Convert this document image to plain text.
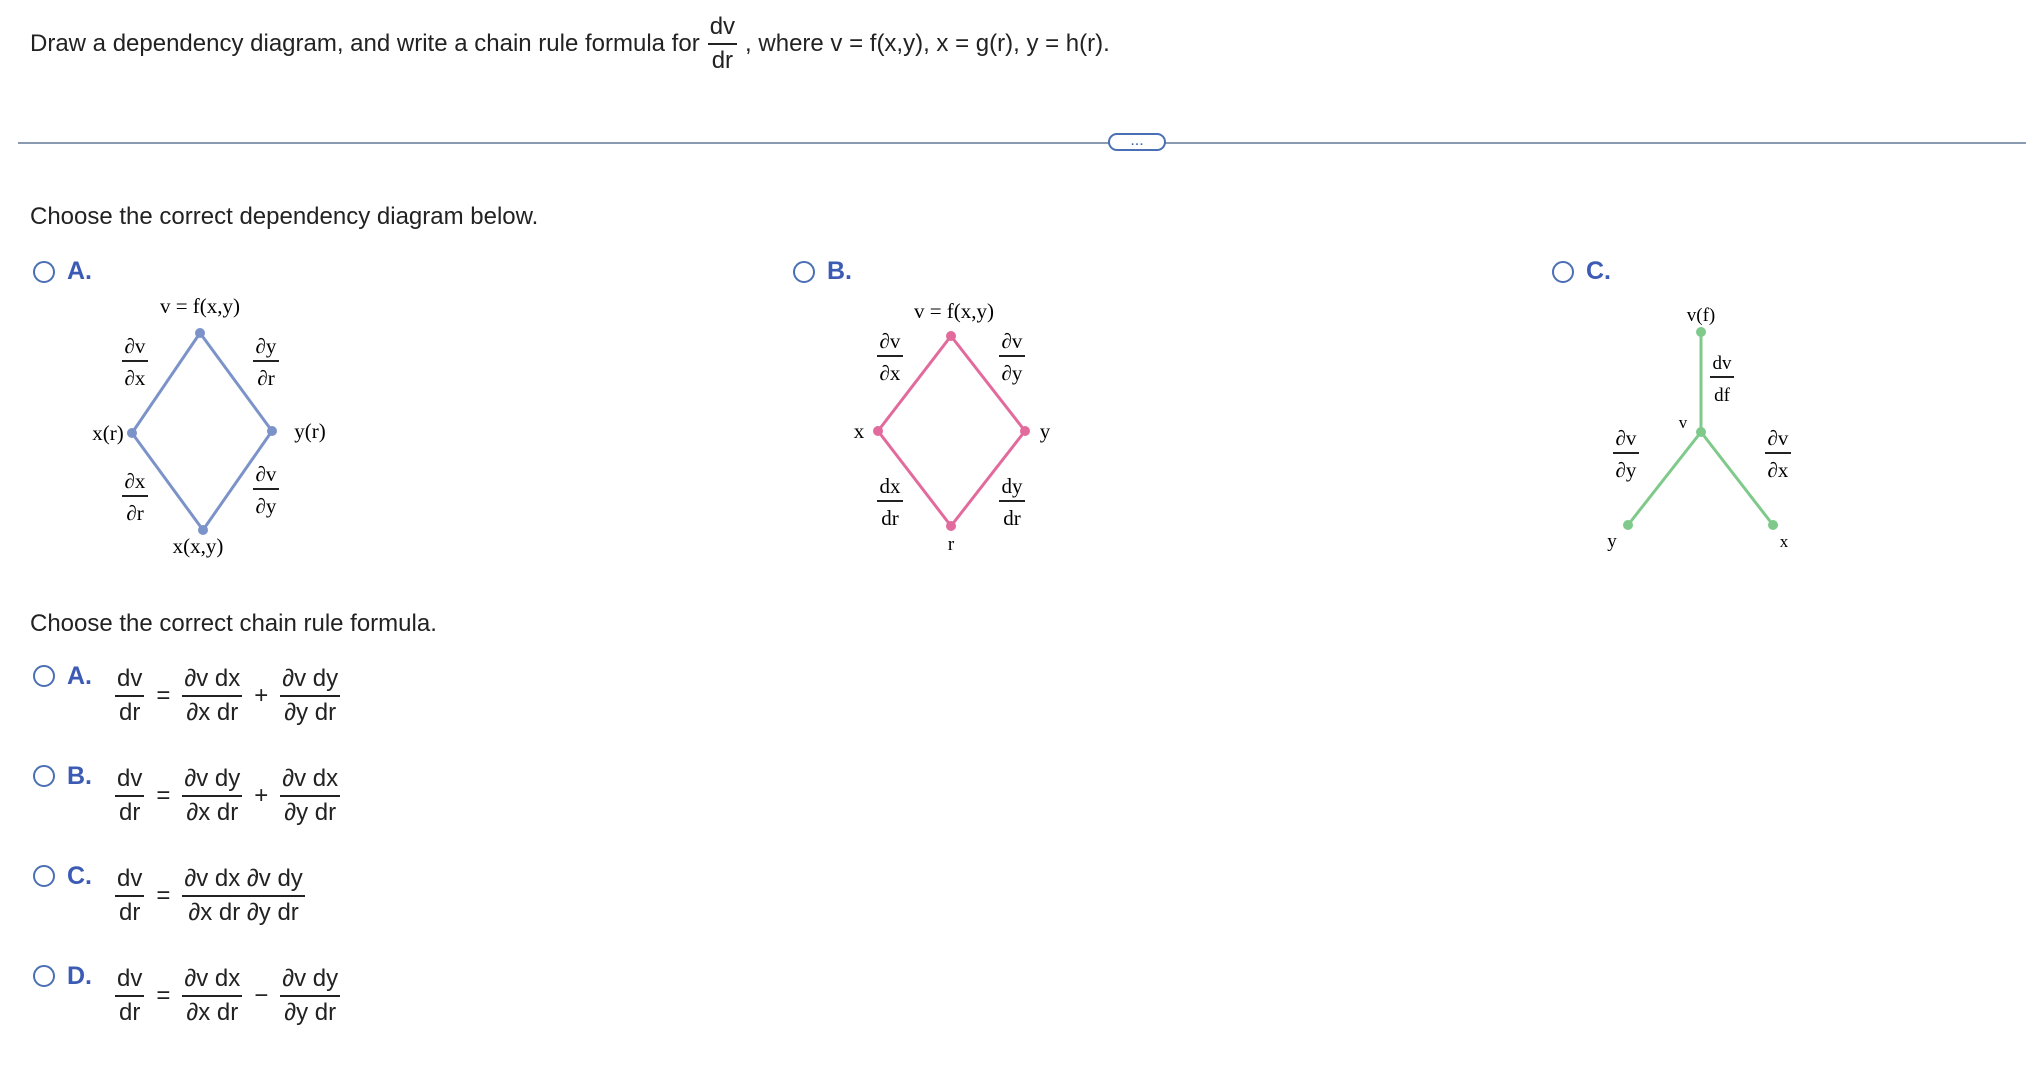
Draw a dependency diagram, and write a chain rule formula for $\frac{dv}{dr}$ , where v = f(x,y), x = g(r), y = h(r).
...
Choose the correct dependency diagram below.
A.
v = f(x,y)
x(r)	y(r)
x(x,y)
∂v
∂x
∂y
∂r
∂x
∂r
∂v
∂y
B.
v = f(x,y)
x	y
r
∂v
∂x
∂v
∂y
dx
dr
dy
dr
C.
v(f)
v
y	x
dv
df
∂v
∂y
∂v
∂x
Choose the correct chain rule formula.
A. $\frac{dv}{dr} = \frac{\text{∂v dx}}{\text{∂x dr}} + \frac{\text{∂v dy}}{\text{∂y dr}}$
B. $\frac{dv}{dr} = \frac{\text{∂v dy}}{\text{∂x dr}} + \frac{\text{∂v dx}}{\text{∂y dr}}$
C. $\frac{dv}{dr} = \frac{\text{∂v dx ∂v dy}}{\text{∂x dr ∂y dr}}$
D. $\frac{dv}{dr} = \frac{\text{∂v dx}}{\text{∂x dr}} - \frac{\text{∂v dy}}{\text{∂y dr}}$
